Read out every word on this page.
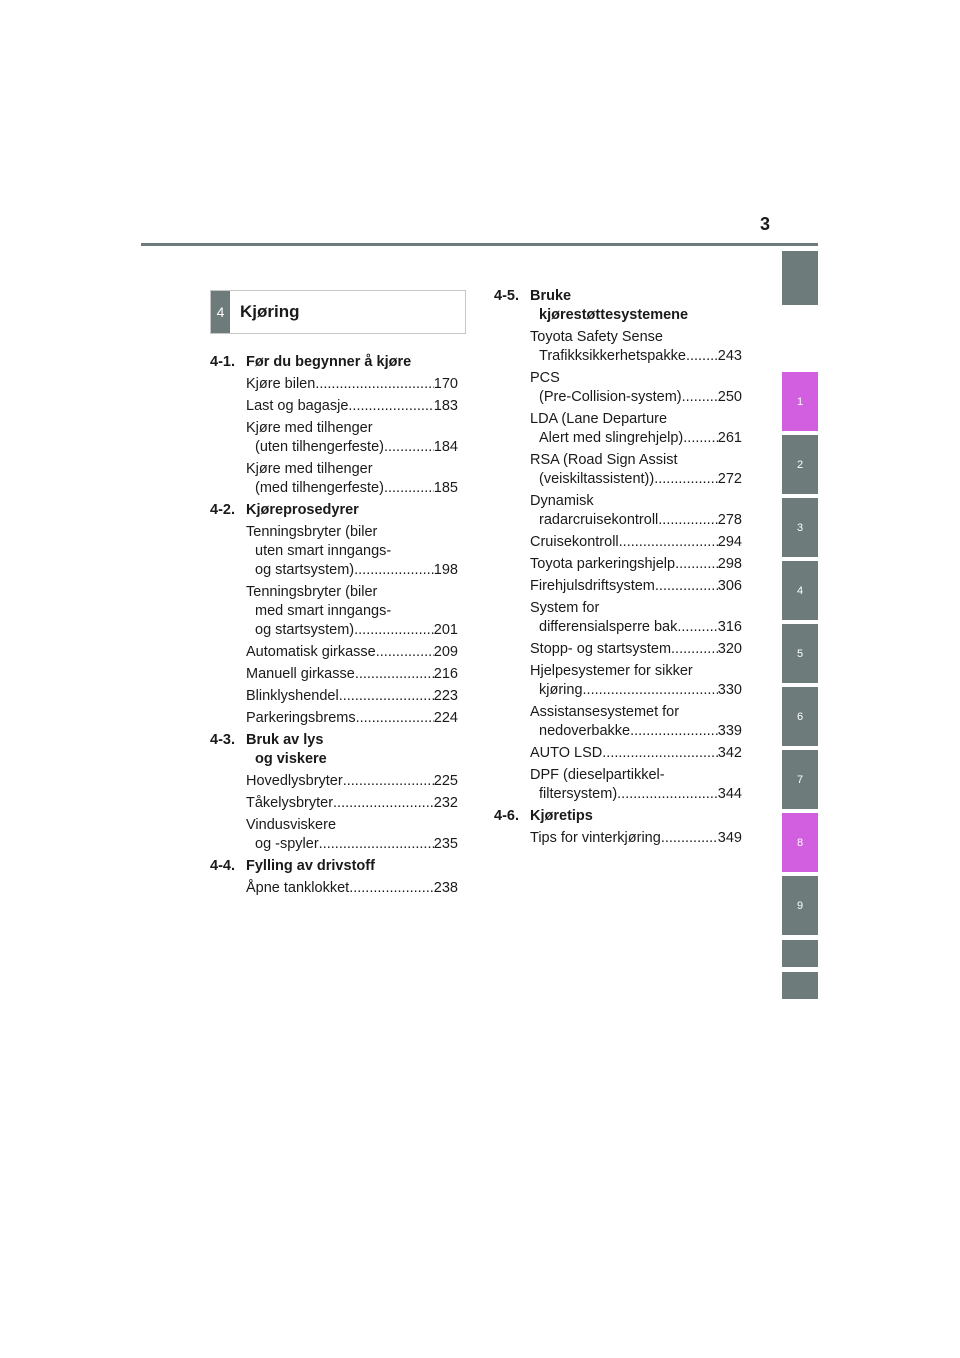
3
4 Kjøring
4-1. Før du begynner å kjøre
Kjøre bilen .....	170
Last og bagasje .....	183
Kjøre med tilhenger
(uten tilhengerfeste) .....	184
Kjøre med tilhenger
(med tilhengerfeste) .....	185
4-2. Kjøreprosedyrer
Tenningsbryter (biler
uten smart inngangs-
og startsystem) .....	198
Tenningsbryter (biler
med smart inngangs-
og startsystem) .....	201
Automatisk girkasse .....	209
Manuell girkasse .....	216
Blinklyshendel .....	223
Parkeringsbrems .....	224
4-3. Bruk av lys
og viskere
Hovedlysbryter .....	225
Tåkelysbryter .....	232
Vindusviskere
og -spyler .....	235
4-4. Fylling av drivstoff
Åpne tanklokket .....	238
4-5. Bruke
kjørestøttesystemene
Toyota Safety Sense
Trafikksikkerhetspakke ..... 243
PCS
(Pre-Collision-system) ..... 250
LDA (Lane Departure
Alert med slingrehjelp) ..... 261
RSA (Road Sign Assist
(veiskiltassistent)) .....	272
Dynamisk
radarcruisekontroll .....	278
Cruisekontroll .....	294
Toyota parkeringshjelp .....	298
Firehjulsdriftsystem .....	306
System for
differensialsperre bak .....	316
Stopp- og startsystem .....	320
Hjelpesystemer for sikker
kjøring .....	330
Assistansesystemet for
nedoverbakke .....	339
AUTO LSD .....	342
DPF (dieselpartikkel-
filtersystem) .....	344
4-6. Kjøretips
Tips for vinterkjøring .....	349
1
2
3
4
5
6
7
8
9
